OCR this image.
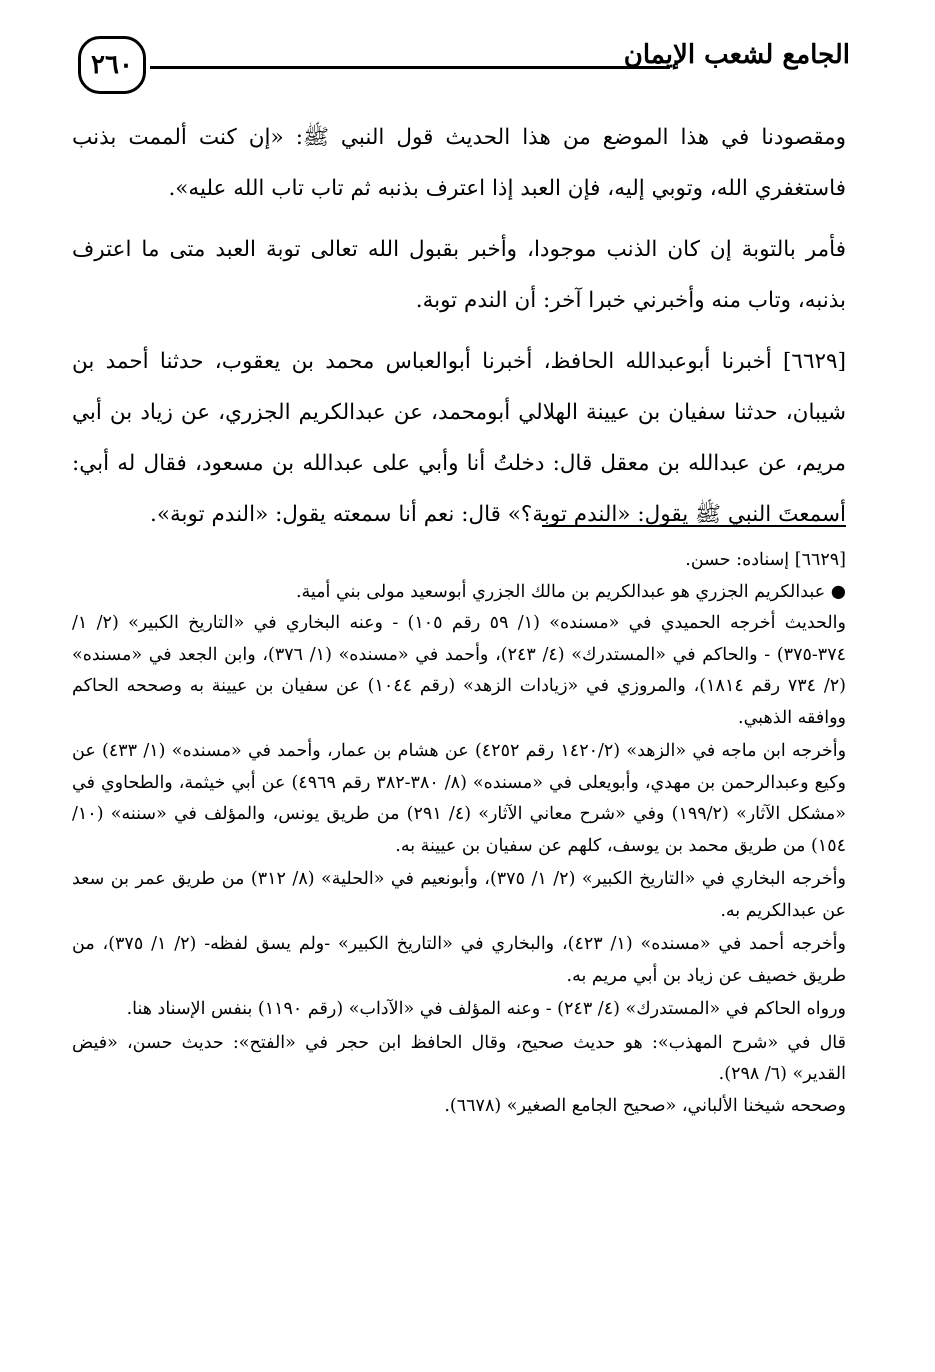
٢٦٠	الجامع لشعب الإيمان

ومقصودنا في هذا الموضع من هذا الحديث قول النبي ﷺ: «إن كنت ألممت بذنب فاستغفري الله، وتوبي إليه، فإن العبد إذا اعترف بذنبه ثم تاب تاب الله عليه».

فأمر بالتوبة إن كان الذنب موجودا، وأخبر بقبول الله تعالى توبة العبد متى ما اعترف بذنبه، وتاب منه وأخبرني خبرا آخر: أن الندم توبة.

[٦٦٢٩] أخبرنا أبوعبدالله الحافظ، أخبرنا أبوالعباس محمد بن يعقوب، حدثنا أحمد بن شيبان، حدثنا سفيان بن عيينة الهلالي أبومحمد، عن عبدالكريم الجزري، عن زياد بن أبي مريم، عن عبدالله بن معقل قال: دخلتُ أنا وأبي على عبدالله بن مسعود، فقال له أبي: أسمعتَ النبي ﷺ يقول: «الندم توبة؟» قال: نعم أنا سمعته يقول: «الندم توبة».

[٦٦٢٩] إسناده: حسن.

● عبدالكريم الجزري هو عبدالكريم بن مالك الجزري أبوسعيد مولى بني أمية.

والحديث أخرجه الحميدي في «مسنده» (١/ ٥٩ رقم ١٠٥) - وعنه البخاري في «التاريخ الكبير» (٢/ ١/ ٣٧٤-٣٧٥) - والحاكم في «المستدرك» (٤/ ٢٤٣)، وأحمد في «مسنده» (١/ ٣٧٦)، وابن الجعد في «مسنده» (٢/ ٧٣٤ رقم ١٨١٤)، والمروزي في «زيادات الزهد» (رقم ١٠٤٤) عن سفيان بن عيينة به وصححه الحاكم ووافقه الذهبي.

وأخرجه ابن ماجه في «الزهد» (١٤٢٠/٢ رقم ٤٢٥٢) عن هشام بن عمار، وأحمد في «مسنده» (١/ ٤٣٣) عن وكيع وعبدالرحمن بن مهدي، وأبويعلى في «مسنده» (٨/ ٣٨٠-٣٨٢ رقم ٤٩٦٩) عن أبي خيثمة، والطحاوي في «مشكل الآثار» (١٩٩/٢) وفي «شرح معاني الآثار» (٤/ ٢٩١) من طريق يونس، والمؤلف في «سننه» (١٠/ ١٥٤) من طريق محمد بن يوسف، كلهم عن سفيان بن عيينة به.

وأخرجه البخاري في «التاريخ الكبير» (٢/ ١/ ٣٧٥)، وأبونعيم في «الحلية» (٨/ ٣١٢) من طريق عمر بن سعد عن عبدالكريم به.

وأخرجه أحمد في «مسنده» (١/ ٤٢٣)، والبخاري في «التاريخ الكبير» -ولم يسق لفظه- (٢/ ١/ ٣٧٥)، من طريق خصيف عن زياد بن أبي مريم به.

ورواه الحاكم في «المستدرك» (٤/ ٢٤٣) - وعنه المؤلف في «الآداب» (رقم ١١٩٠) بنفس الإسناد هنا.

قال في «شرح المهذب»: هو حديث صحيح، وقال الحافظ ابن حجر في «الفتح»: حديث حسن، «فيض القدير» (٦/ ٢٩٨).

وصححه شيخنا الألباني، «صحيح الجامع الصغير» (٦٦٧٨).
